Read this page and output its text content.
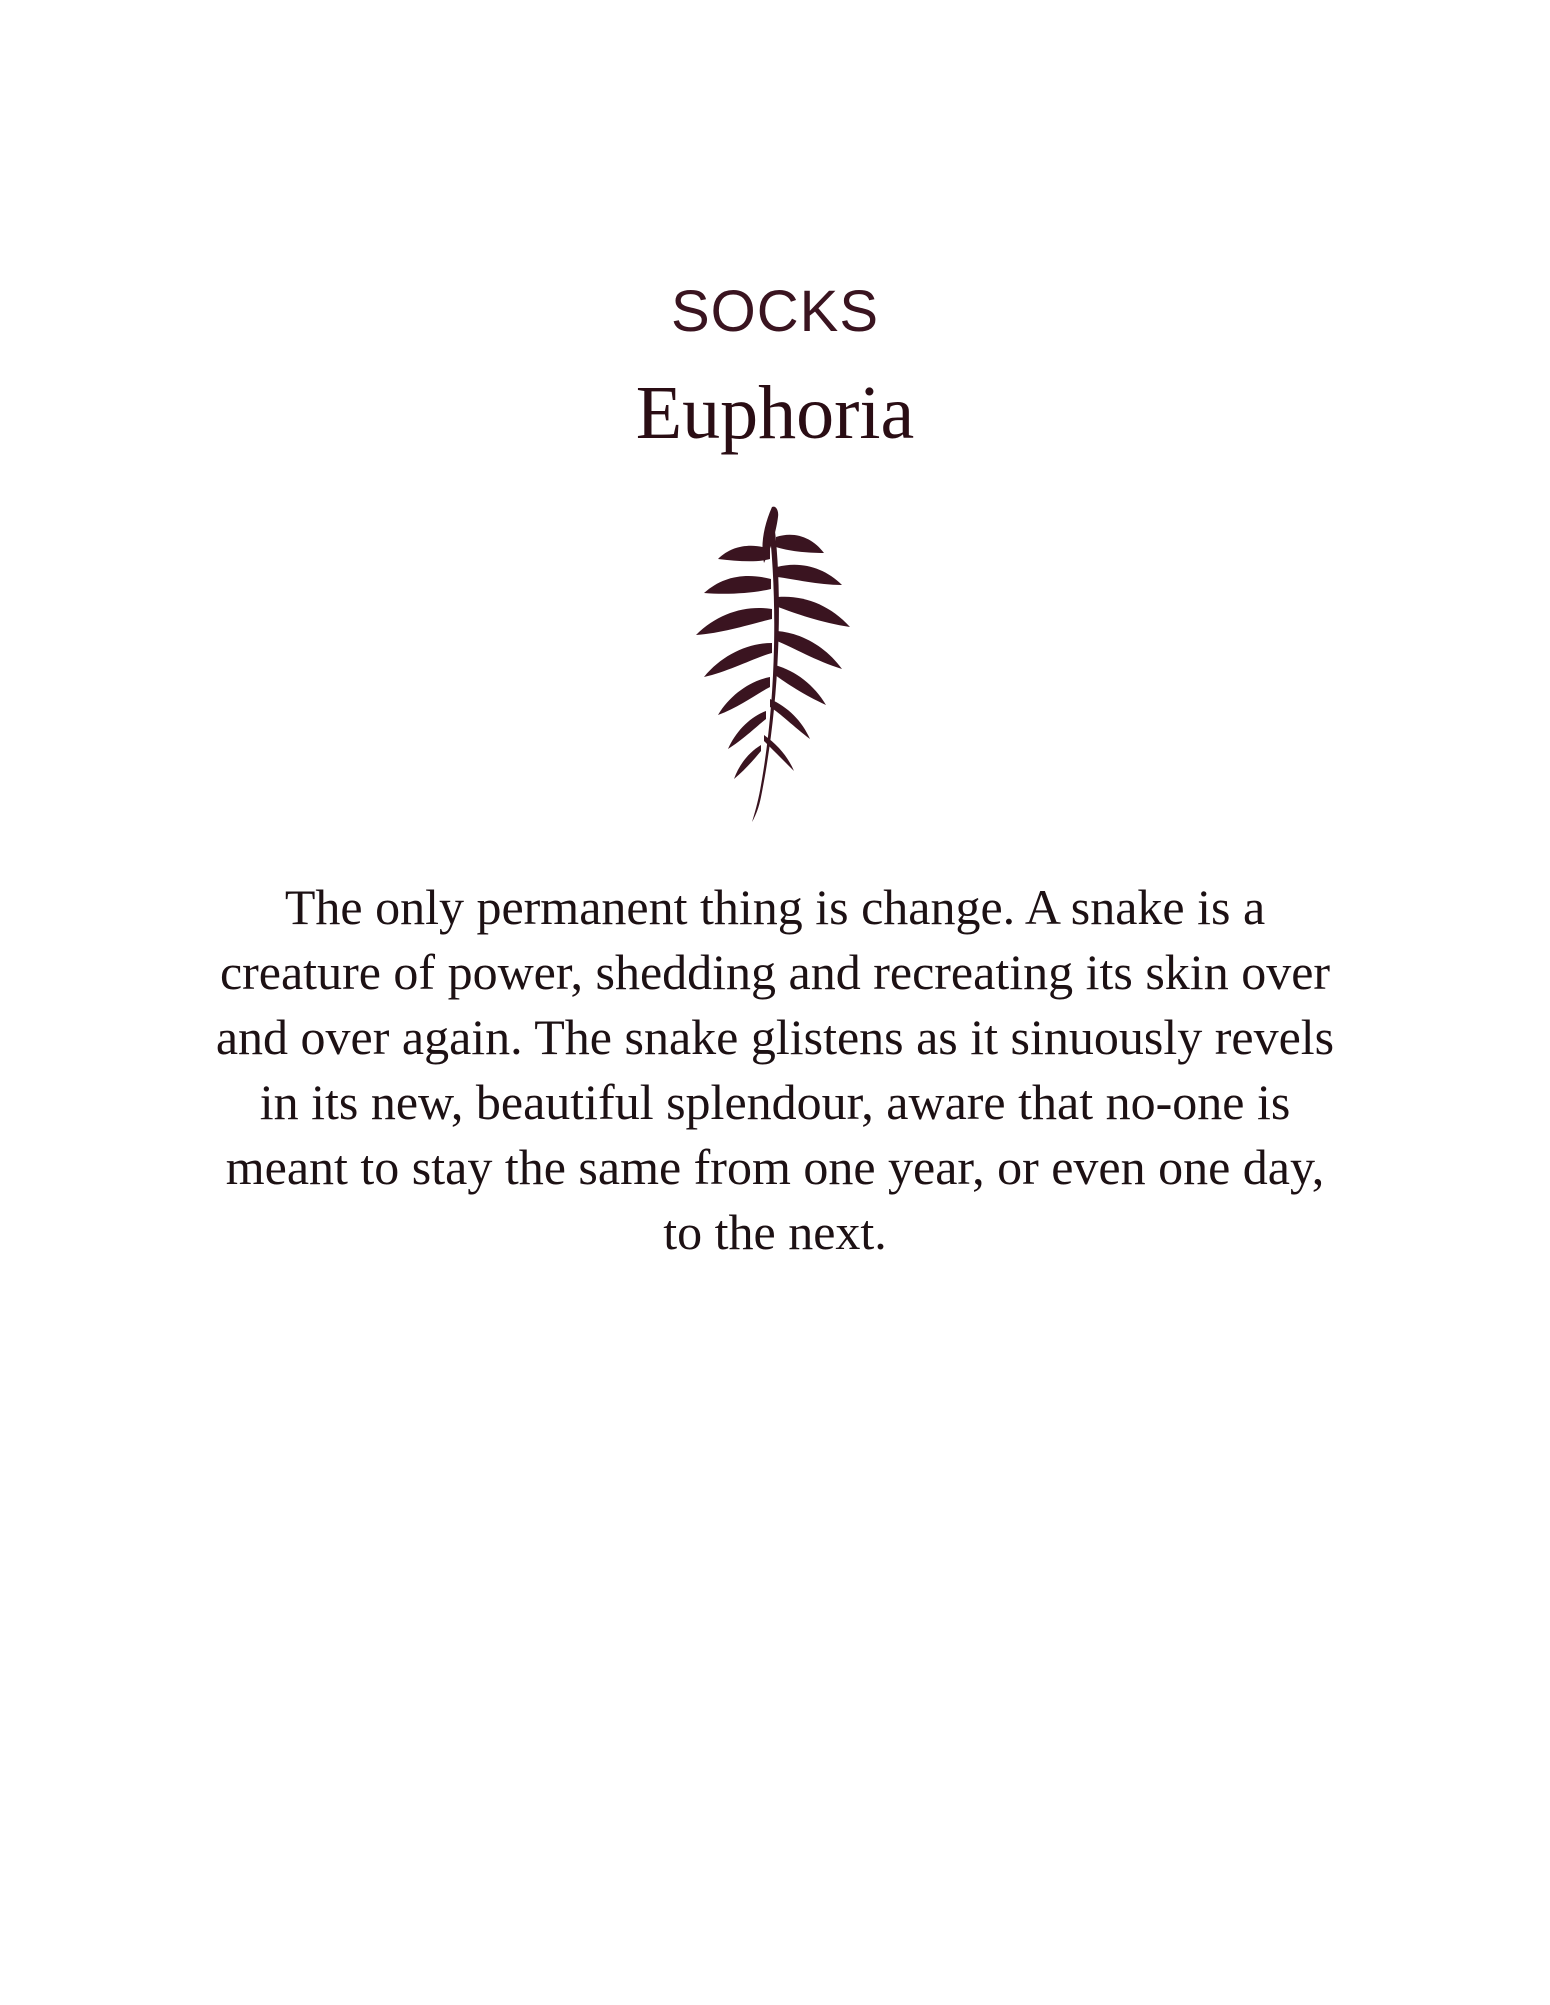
SOCKS
Euphoria
The only permanent thing is change. A snake is a creature of power, shedding and recreating its skin over and over again. The snake glistens as it sinuously revels in its new, beautiful splendour, aware that no-one is meant to stay the same from one year, or even one day, to the next.
